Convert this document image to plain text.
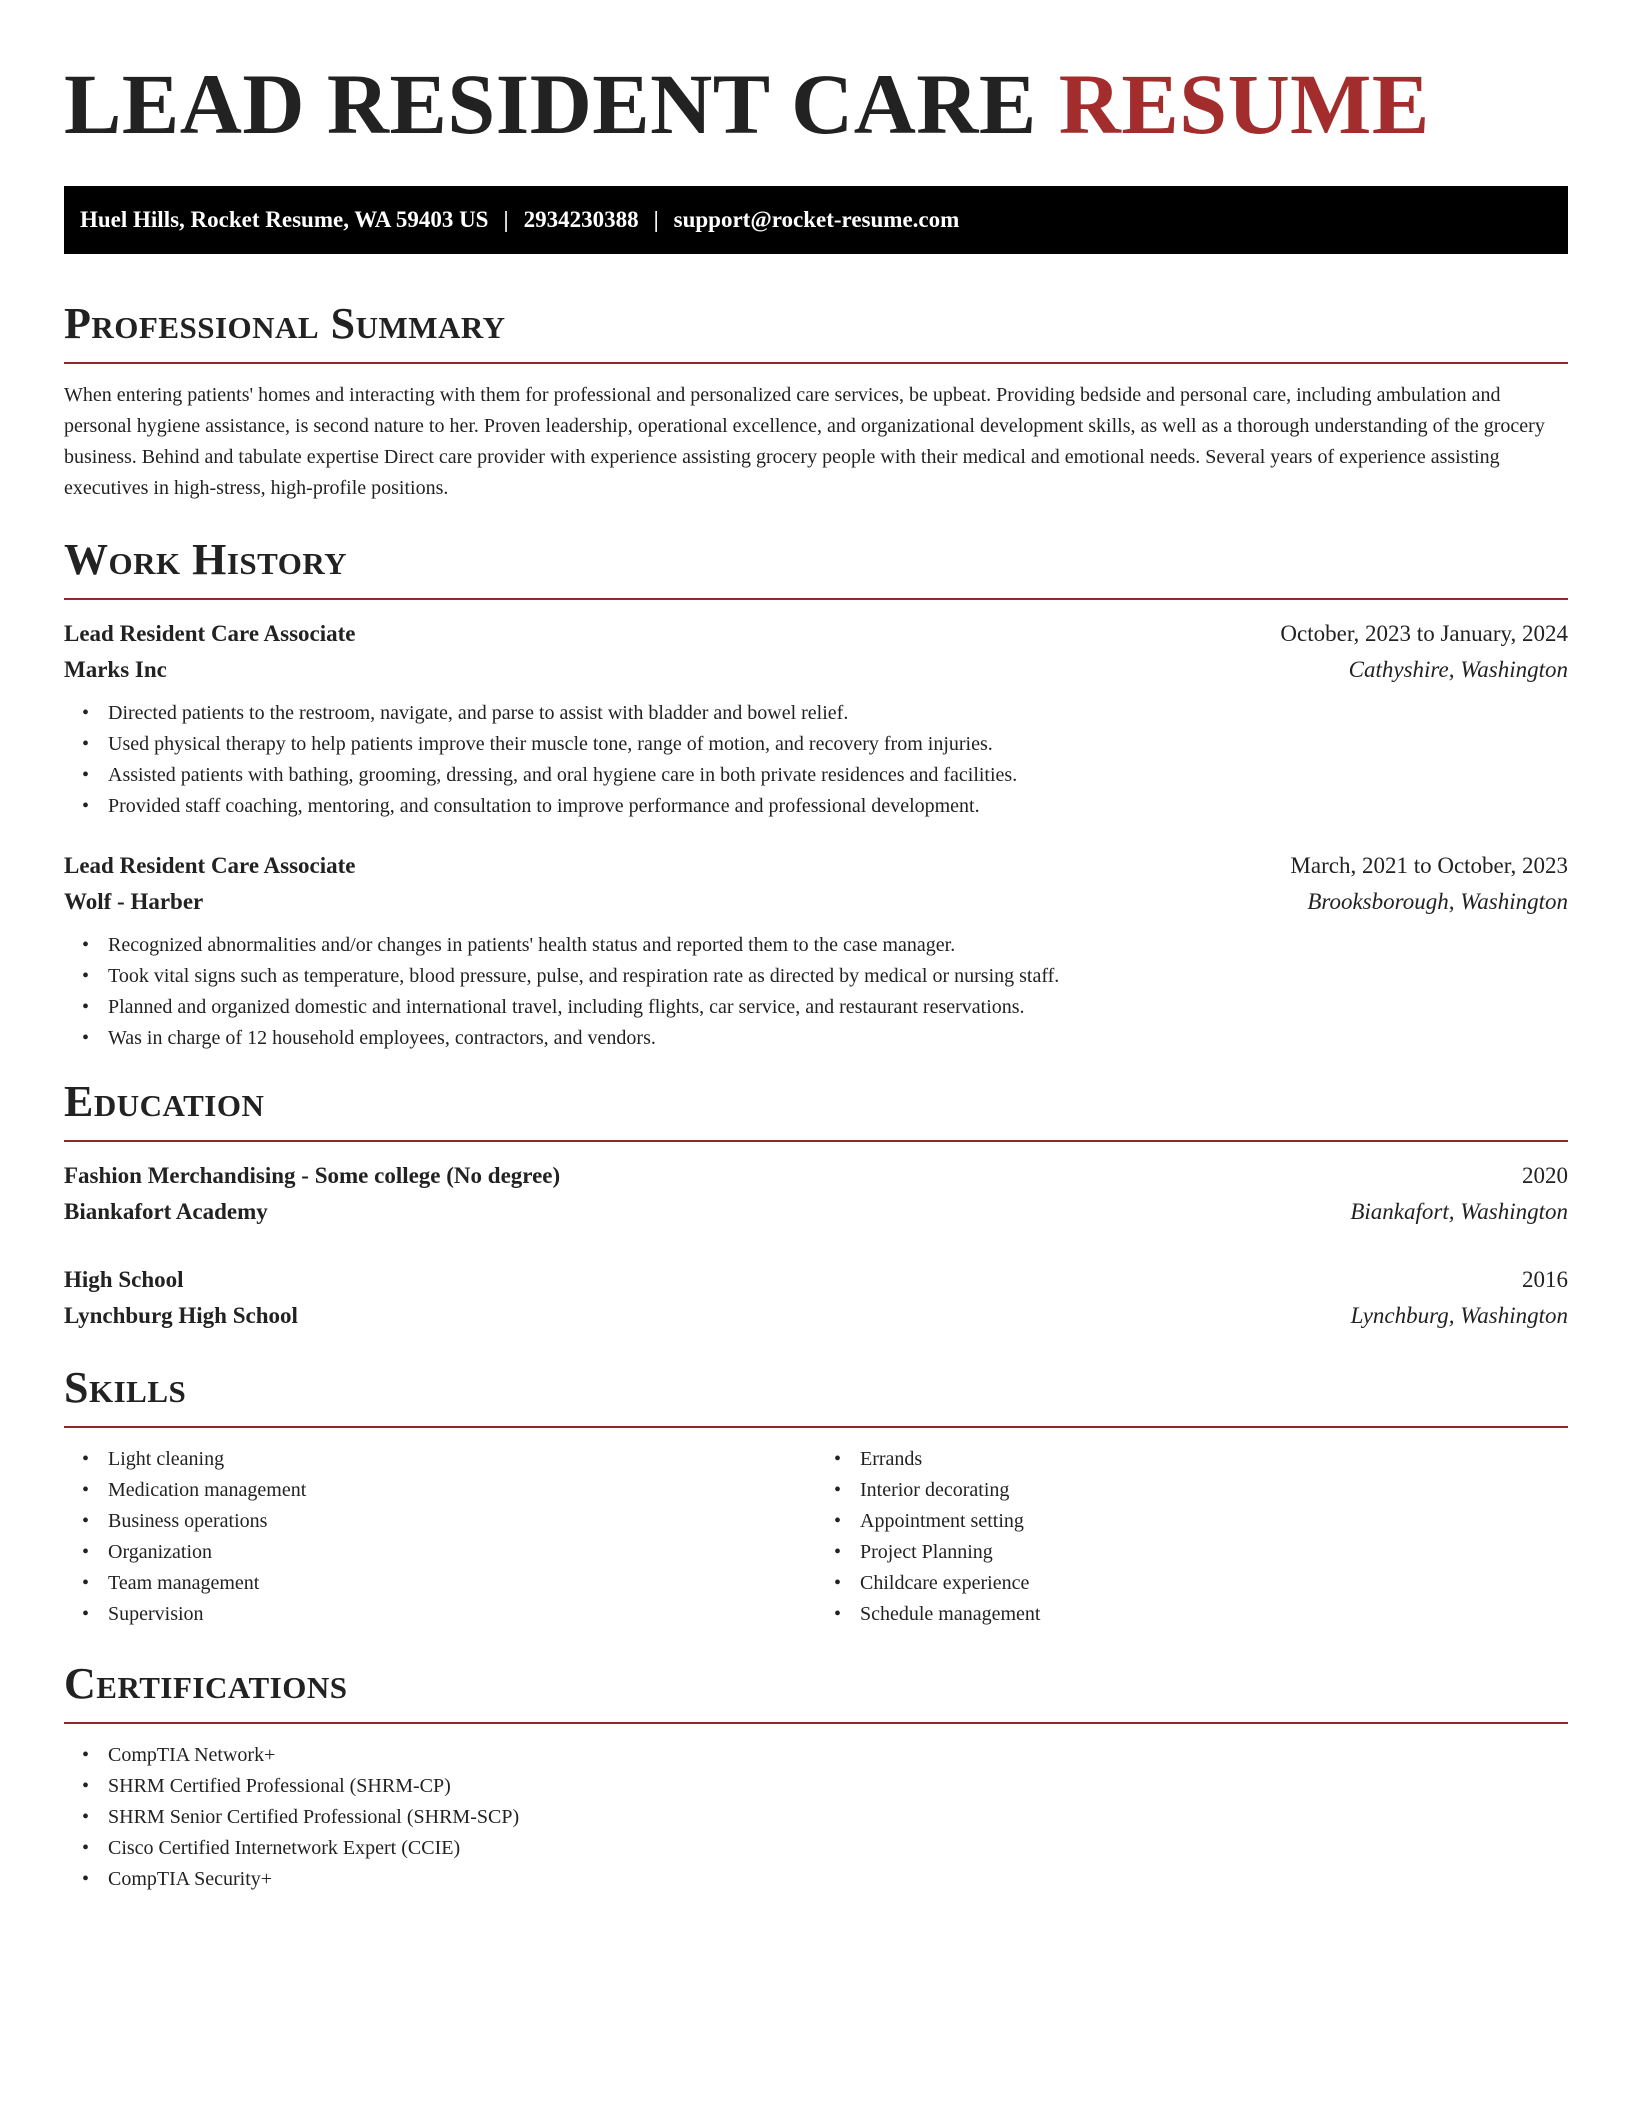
LEAD RESIDENT CARE RESUME
Huel Hills, Rocket Resume, WA 59403 US | 2934230388 | support@rocket-resume.com
Professional Summary

When entering patients' homes and interacting with them for professional and personalized care services, be upbeat. Providing bedside and personal care, including ambulation and personal hygiene assistance, is second nature to her. Proven leadership, operational excellence, and organizational development skills, as well as a thorough understanding of the grocery business. Behind and tabulate expertise Direct care provider with experience assisting grocery people with their medical and emotional needs. Several years of experience assisting executives in high-stress, high-profile positions.

Work History
Lead Resident Care Associate	October, 2023 to January, 2024
Marks Inc	Cathyshire, Washington
• Directed patients to the restroom, navigate, and parse to assist with bladder and bowel relief.
• Used physical therapy to help patients improve their muscle tone, range of motion, and recovery from injuries.
• Assisted patients with bathing, grooming, dressing, and oral hygiene care in both private residences and facilities.
• Provided staff coaching, mentoring, and consultation to improve performance and professional development.
Lead Resident Care Associate	March, 2021 to October, 2023
Wolf - Harber	Brooksborough, Washington
• Recognized abnormalities and/or changes in patients' health status and reported them to the case manager.
• Took vital signs such as temperature, blood pressure, pulse, and respiration rate as directed by medical or nursing staff.
• Planned and organized domestic and international travel, including flights, car service, and restaurant reservations.
• Was in charge of 12 household employees, contractors, and vendors.
Education
Fashion Merchandising - Some college (No degree)	2020
Biankafort Academy	Biankafort, Washington
High School	2016
Lynchburg High School	Lynchburg, Washington
Skills
• Light cleaning
• Medication management
• Business operations
• Organization
• Team management
• Supervision
• Errands
• Interior decorating
• Appointment setting
• Project Planning
• Childcare experience
• Schedule management
Certifications
• CompTIA Network+
• SHRM Certified Professional (SHRM-CP)
• SHRM Senior Certified Professional (SHRM-SCP)
• Cisco Certified Internetwork Expert (CCIE)
• CompTIA Security+
